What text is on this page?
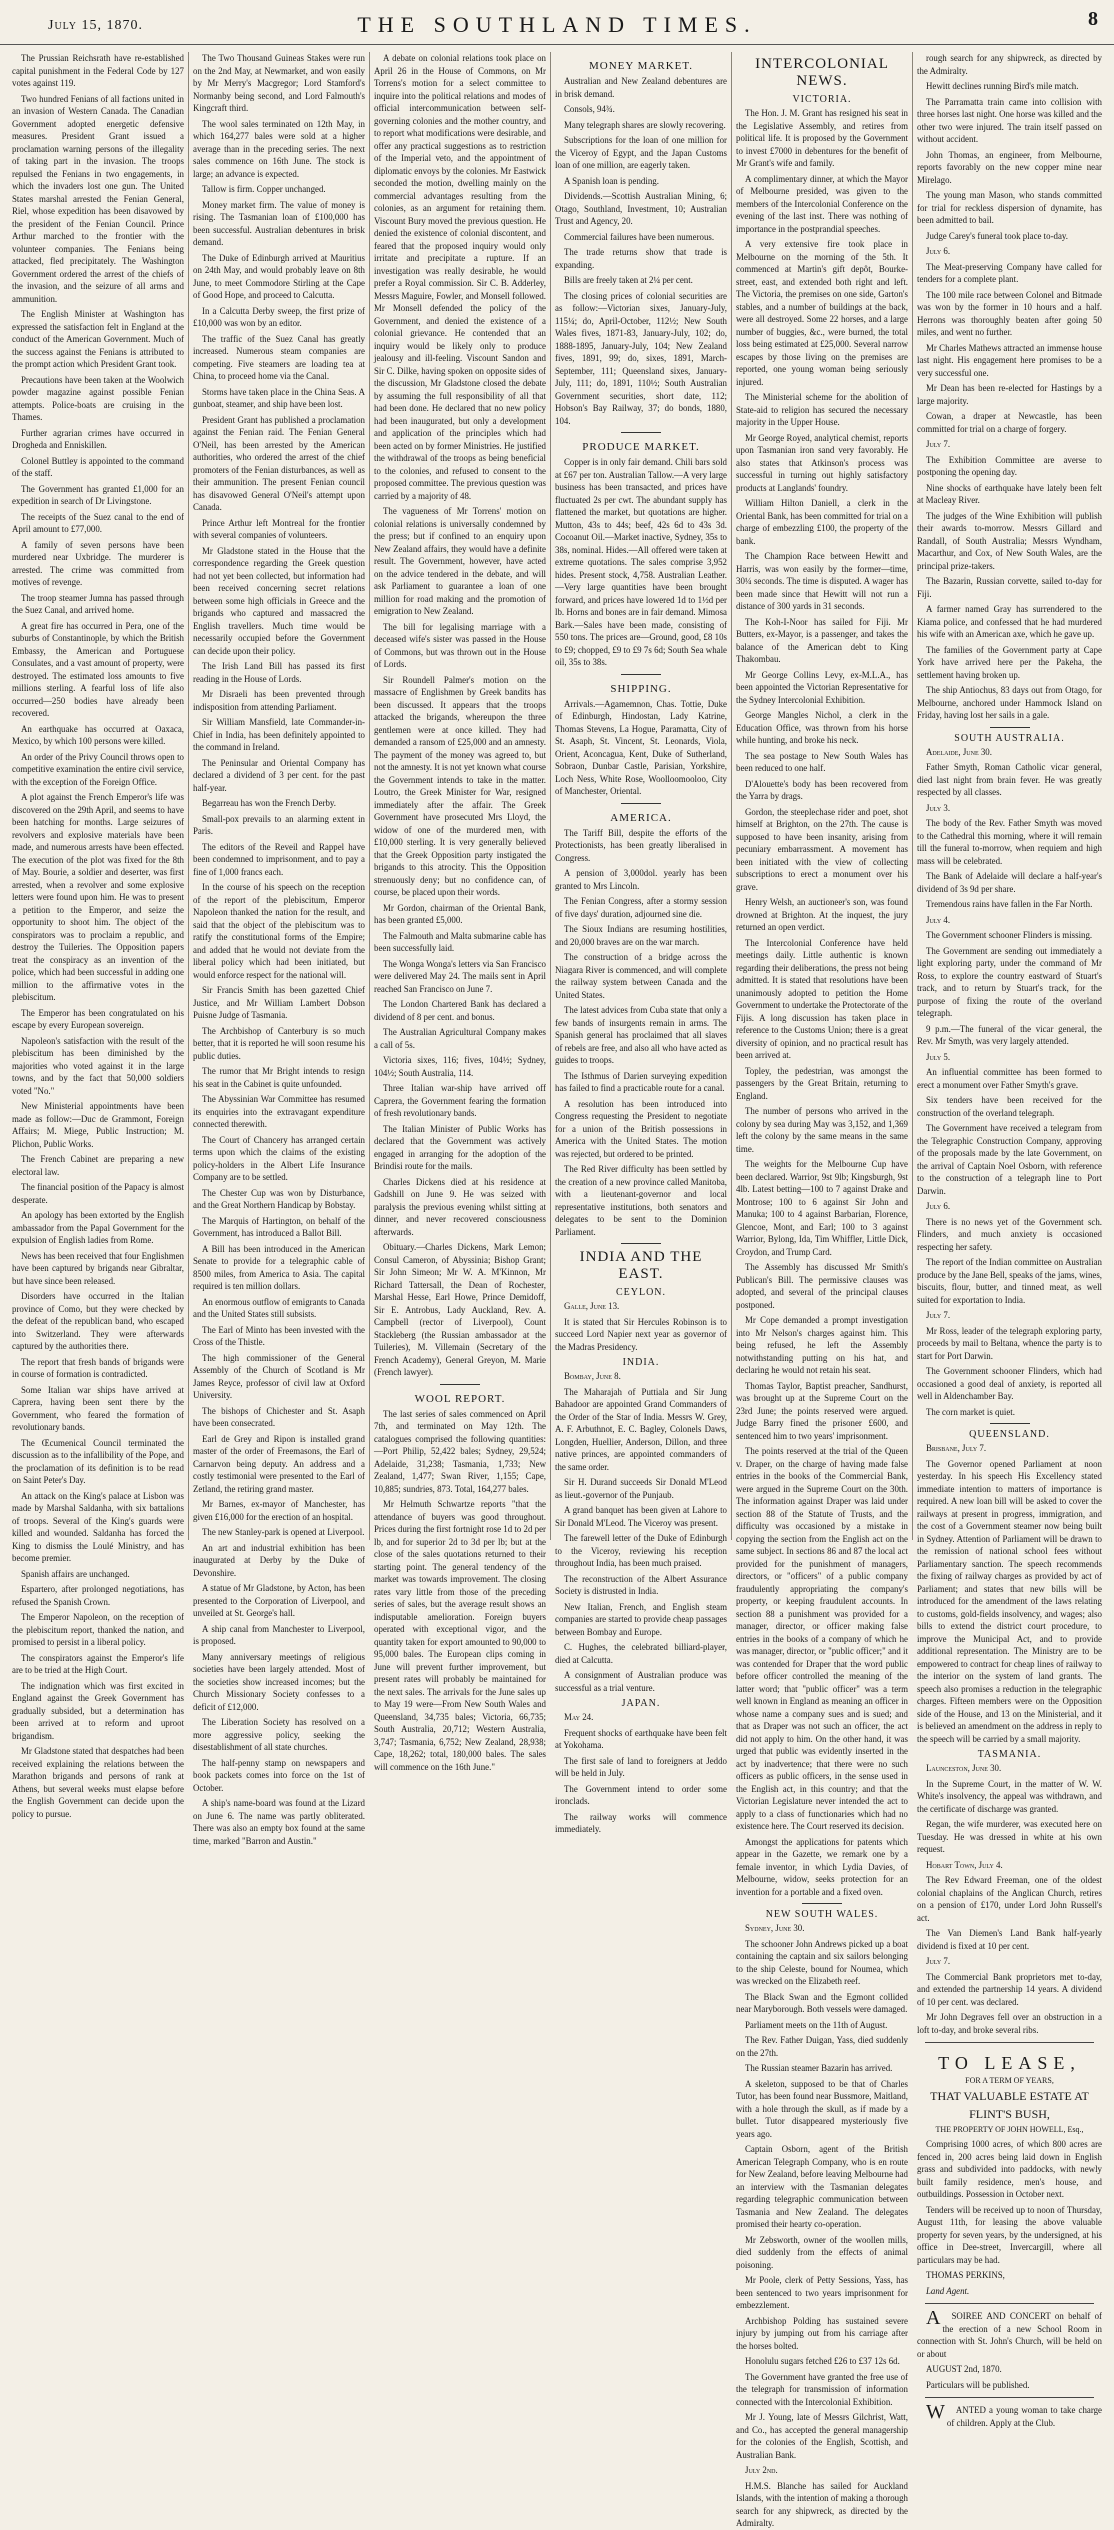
July 15, 1870.	THE SOUTHLAND TIMES.	8

The Prussian Reichsrath have re-established capital punishment in the Federal Code by 127 votes against 119.

Two hundred Fenians of all factions united in an invasion of Western Canada. The Canadian Government adopted energetic defensive measures. President Grant issued a proclamation warning persons of the illegality of taking part in the invasion. The troops repulsed the Fenians in two engagements, in which the invaders lost one gun. The United States marshal arrested the Fenian General, Riel, whose expedition has been disavowed by the president of the Fenian Council. Prince Arthur marched to the frontier with the volunteer companies. The Fenians being attacked, fled precipitately. The Washington Government ordered the arrest of the chiefs of the invasion, and the seizure of all arms and ammunition.

The English Minister at Washington has expressed the satisfaction felt in England at the conduct of the American Government. Much of the success against the Fenians is attributed to the prompt action which President Grant took.

Precautions have been taken at the Woolwich powder magazine against possible Fenian attempts. Police-boats are cruising in the Thames.

Further agrarian crimes have occurred in Drogheda and Enniskillen.

Colonel Buttley is appointed to the command of the staff.

The Government has granted £1,000 for an expedition in search of Dr Livingstone.

The receipts of the Suez canal to the end of April amount to £77,000.

A family of seven persons have been murdered near Uxbridge. The murderer is arrested. The crime was committed from motives of revenge.

The troop steamer Jumna has passed through the Suez Canal, and arrived home.

A great fire has occurred in Pera, one of the suburbs of Constantinople, by which the British Embassy, the American and Portuguese Consulates, and a vast amount of property, were destroyed. The estimated loss amounts to five millions sterling. A fearful loss of life also occurred—250 bodies have already been recovered.

An earthquake has occurred at Oaxaca, Mexico, by which 100 persons were killed.

An order of the Privy Council throws open to competitive examination the entire civil service, with the exception of the Foreign Office.

A plot against the French Emperor's life was discovered on the 29th April, and seems to have been hatching for months. Large seizures of revolvers and explosive materials have been made, and numerous arrests have been effected. The execution of the plot was fixed for the 8th of May. Bourie, a soldier and deserter, was first arrested, when a revolver and some explosive letters were found upon him. He was to present a petition to the Emperor, and seize the opportunity to shoot him. The object of the conspirators was to proclaim a republic, and destroy the Tuileries. The Opposition papers treat the conspiracy as an invention of the police, which had been successful in adding one million to the affirmative votes in the plebiscitum.

The Emperor has been congratulated on his escape by every European sovereign.

Napoleon's satisfaction with the result of the plebiscitum has been diminished by the majorities who voted against it in the large towns, and by the fact that 50,000 soldiers voted "No."

New Ministerial appointments have been made as follow:—Duc de Grammont, Foreign Affairs; M. Miege, Public Instruction; M. Plichon, Public Works.

The French Cabinet are preparing a new electoral law.

The financial position of the Papacy is almost desperate.

An apology has been extorted by the English ambassador from the Papal Government for the expulsion of English ladies from Rome.

News has been received that four Englishmen have been captured by brigands near Gibraltar, but have since been released.

Disorders have occurred in the Italian province of Como, but they were checked by the defeat of the republican band, who escaped into Switzerland. They were afterwards captured by the authorities there.

The report that fresh bands of brigands were in course of formation is contradicted.

Some Italian war ships have arrived at Caprera, having been sent there by the Government, who feared the formation of revolutionary bands.

The Œcumenical Council terminated the discussion as to the infallibility of the Pope, and the proclamation of its definition is to be read on Saint Peter's Day.

An attack on the King's palace at Lisbon was made by Marshal Saldanha, with six battalions of troops. Several of the King's guards were killed and wounded. Saldanha has forced the King to dismiss the Loulé Ministry, and has become premier.

Spanish affairs are unchanged.

Espartero, after prolonged negotiations, has refused the Spanish Crown.

The Emperor Napoleon, on the reception of the plebiscitum report, thanked the nation, and promised to persist in a liberal policy.

The conspirators against the Emperor's life are to be tried at the High Court.

The indignation which was first excited in England against the Greek Government has gradually subsided, but a determination has been arrived at to reform and uproot brigandism.

Mr Gladstone stated that despatches had been received explaining the relations between the Marathon brigands and persons of rank at Athens, but several weeks must elapse before the English Government can decide upon the policy to pursue.

The Two Thousand Guineas Stakes were run on the 2nd May, at Newmarket, and won easily by Mr Merry's Macgregor; Lord Stamford's Normanby being second, and Lord Falmouth's Kingcraft third.

The wool sales terminated on 12th May, in which 164,277 bales were sold at a higher average than in the preceding series. The next sales commence on 16th June. The stock is large; an advance is expected.

Tallow is firm. Copper unchanged.

Money market firm. The value of money is rising. The Tasmanian loan of £100,000 has been successful. Australian debentures in brisk demand.

The Duke of Edinburgh arrived at Mauritius on 24th May, and would probably leave on 8th June, to meet Commodore Stirling at the Cape of Good Hope, and proceed to Calcutta.

In a Calcutta Derby sweep, the first prize of £10,000 was won by an editor.

The traffic of the Suez Canal has greatly increased. Numerous steam companies are competing. Five steamers are loading tea at China, to proceed home via the Canal.

Storms have taken place in the China Seas. A gunboat, steamer, and ship have been lost.

President Grant has published a proclamation against the Fenian raid. The Fenian General O'Neil, has been arrested by the American authorities, who ordered the arrest of the chief promoters of the Fenian disturbances, as well as their ammunition. The present Fenian council has disavowed General O'Neil's attempt upon Canada.

Prince Arthur left Montreal for the frontier with several companies of volunteers.

Mr Gladstone stated in the House that the correspondence regarding the Greek question had not yet been collected, but information had been received concerning secret relations between some high officials in Greece and the brigands who captured and massacred the English travellers. Much time would be necessarily occupied before the Government can decide upon their policy.

The Irish Land Bill has passed its first reading in the House of Lords.

Mr Disraeli has been prevented through indisposition from attending Parliament.

Sir William Mansfield, late Commander-in-Chief in India, has been definitely appointed to the command in Ireland.

The Peninsular and Oriental Company has declared a dividend of 3 per cent. for the past half-year.

Begarreau has won the French Derby.

Small-pox prevails to an alarming extent in Paris.

The editors of the Reveil and Rappel have been condemned to imprisonment, and to pay a fine of 1,000 francs each.

In the course of his speech on the reception of the report of the plebiscitum, Emperor Napoleon thanked the nation for the result, and said that the object of the plebiscitum was to ratify the constitutional forms of the Empire; and added that he would not deviate from the liberal policy which had been initiated, but would enforce respect for the national will.

Sir Francis Smith has been gazetted Chief Justice, and Mr William Lambert Dobson Puisne Judge of Tasmania.

The Archbishop of Canterbury is so much better, that it is reported he will soon resume his public duties.

The rumor that Mr Bright intends to resign his seat in the Cabinet is quite unfounded.

The Abyssinian War Committee has resumed its enquiries into the extravagant expenditure connected therewith.

The Court of Chancery has arranged certain terms upon which the claims of the existing policy-holders in the Albert Life Insurance Company are to be settled.

The Chester Cup was won by Disturbance, and the Great Northern Handicap by Bobstay.

The Marquis of Hartington, on behalf of the Government, has introduced a Ballot Bill.

A Bill has been introduced in the American Senate to provide for a telegraphic cable of 8500 miles, from America to Asia. The capital required is ten million dollars.

An enormous outflow of emigrants to Canada and the United States still subsists.

The Earl of Minto has been invested with the Cross of the Thistle.

The high commissioner of the General Assembly of the Church of Scotland is Mr James Reyce, professor of civil law at Oxford University.

The bishops of Chichester and St. Asaph have been consecrated.

Earl de Grey and Ripon is installed grand master of the order of Freemasons, the Earl of Carnarvon being deputy. An address and a costly testimonial were presented to the Earl of Zetland, the retiring grand master.

Mr Barnes, ex-mayor of Manchester, has given £16,000 for the erection of an hospital.

The new Stanley-park is opened at Liverpool.

An art and industrial exhibition has been inaugurated at Derby by the Duke of Devonshire.

A statue of Mr Gladstone, by Acton, has been presented to the Corporation of Liverpool, and unveiled at St. George's hall.

A ship canal from Manchester to Liverpool, is proposed.

Many anniversary meetings of religious societies have been largely attended. Most of the societies show increased incomes; but the Church Missionary Society confesses to a deficit of £12,000.

The Liberation Society has resolved on a more aggressive policy, seeking the disestablishment of all state churches.

The half-penny stamp on newspapers and book packets comes into force on the 1st of October.

A ship's name-board was found at the Lizard on June 6. The name was partly obliterated. There was also an empty box found at the same time, marked "Barron and Austin."

A debate on colonial relations took place on April 26 in the House of Commons, on Mr Torrens's motion for a select committee to inquire into the political relations and modes of official intercommunication between self-governing colonies and the mother country, and to report what modifications were desirable, and offer any practical suggestions as to restriction of the Imperial veto, and the appointment of diplomatic envoys by the colonies. Mr Eastwick seconded the motion, dwelling mainly on the commercial advantages resulting from the colonies, as an argument for retaining them. Viscount Bury moved the previous question. He denied the existence of colonial discontent, and feared that the proposed inquiry would only irritate and precipitate a rupture. If an investigation was really desirable, he would prefer a Royal commission. Sir C. B. Adderley, Messrs Maguire, Fowler, and Monsell followed. Mr Monsell defended the policy of the Government, and denied the existence of a colonial grievance. He contended that an inquiry would be likely only to produce jealousy and ill-feeling. Viscount Sandon and Sir C. Dilke, having spoken on opposite sides of the discussion, Mr Gladstone closed the debate by assuming the full responsibility of all that had been done. He declared that no new policy had been inaugurated, but only a development and application of the principles which had been acted on by former Ministries. He justified the withdrawal of the troops as being beneficial to the colonies, and refused to consent to the proposed committee. The previous question was carried by a majority of 48.

The vagueness of Mr Torrens' motion on colonial relations is universally condemned by the press; but if confined to an enquiry upon New Zealand affairs, they would have a definite result. The Government, however, have acted on the advice tendered in the debate, and will ask Parliament to guarantee a loan of one million for road making and the promotion of emigration to New Zealand.

The bill for legalising marriage with a deceased wife's sister was passed in the House of Commons, but was thrown out in the House of Lords.

Sir Roundell Palmer's motion on the massacre of Englishmen by Greek bandits has been discussed. It appears that the troops attacked the brigands, whereupon the three gentlemen were at once killed. They had demanded a ransom of £25,000 and an amnesty. The payment of the money was agreed to, but not the amnesty. It is not yet known what course the Government intends to take in the matter. Loutro, the Greek Minister for War, resigned immediately after the affair. The Greek Government have prosecuted Mrs Lloyd, the widow of one of the murdered men, with £10,000 sterling. It is very generally believed that the Greek Opposition party instigated the brigands to this atrocity. This the Opposition strenuously deny; but no confidence can, of course, be placed upon their words.

Mr Gordon, chairman of the Oriental Bank, has been granted £5,000.

The Falmouth and Malta submarine cable has been successfully laid.

The Wonga Wonga's letters via San Francisco were delivered May 24. The mails sent in April reached San Francisco on June 7.

The London Chartered Bank has declared a dividend of 8 per cent. and bonus.

The Australian Agricultural Company makes a call of 5s.

Victoria sixes, 116; fives, 104½; Sydney, 104½; South Australia, 114.

Three Italian war-ship have arrived off Caprera, the Government fearing the formation of fresh revolutionary bands.

The Italian Minister of Public Works has declared that the Government was actively engaged in arranging for the adoption of the Brindisi route for the mails.

Charles Dickens died at his residence at Gadshill on June 9. He was seized with paralysis the previous evening whilst sitting at dinner, and never recovered consciousness afterwards.

Obituary.—Charles Dickens, Mark Lemon; Consul Cameron, of Abyssinia; Bishop Grant; Sir John Simeon; Mr W. A. M'Kinnon, Mr Richard Tattersall, the Dean of Rochester, Marshal Hesse, Earl Howe, Prince Demidoff, Sir E. Antrobus, Lady Auckland, Rev. A. Campbell (rector of Liverpool), Count Stackleberg (the Russian ambassador at the Tuileries), M. Villemain (Secretary of the French Academy), General Greyon, M. Marie (French lawyer).

WOOL REPORT.

The last series of sales commenced on April 7th, and terminated on May 12th. The catalogues comprised the following quantities:—Port Philip, 52,422 bales; Sydney, 29,524; Adelaide, 31,238; Tasmania, 1,733; New Zealand, 1,477; Swan River, 1,155; Cape, 10,885; sundries, 873. Total, 164,277 bales.

Mr Helmuth Schwartze reports "that the attendance of buyers was good throughout. Prices during the first fortnight rose 1d to 2d per lb, and for superior 2d to 3d per lb; but at the close of the sales quotations returned to their starting point. The general tendency of the market was towards improvement. The closing rates vary little from those of the preceding series of sales, but the average result shows an indisputable amelioration. Foreign buyers operated with exceptional vigor, and the quantity taken for export amounted to 90,000 to 95,000 bales. The European clips coming in June will prevent further improvement, but present rates will probably be maintained for the next sales. The arrivals for the June sales up to May 19 were—From New South Wales and Queensland, 34,735 bales; Victoria, 66,735; South Australia, 20,712; Western Australia, 3,747; Tasmania, 6,752; New Zealand, 28,938; Cape, 18,262; total, 180,000 bales. The sales will commence on the 16th June."

MONEY MARKET.

Australian and New Zealand debentures are in brisk demand.

Consols, 94¾.

Many telegraph shares are slowly recovering.

Subscriptions for the loan of one million for the Viceroy of Egypt, and the Japan Customs loan of one million, are eagerly taken.

A Spanish loan is pending.

Dividends.—Scottish Australian Mining, 6; Otago, Southland, Investment, 10; Australian Trust and Agency, 20.

Commercial failures have been numerous.

The trade returns show that trade is expanding.

Bills are freely taken at 2¼ per cent.

The closing prices of colonial securities are as follow:—Victorian sixes, January-July, 115¼; do, April-October, 112½; New South Wales fives, 1871-83, January-July, 102; do, 1888-1895, January-July, 104; New Zealand fives, 1891, 99; do, sixes, 1891, March-September, 111; Queensland sixes, January-July, 111; do, 1891, 110½; South Australian Government securities, short date, 112; Hobson's Bay Railway, 37; do bonds, 1880, 104.

PRODUCE MARKET.

Copper is in only fair demand. Chili bars sold at £67 per ton. Australian Tallow.—A very large business has been transacted, and prices have fluctuated 2s per cwt. The abundant supply has flattened the market, but quotations are higher. Mutton, 43s to 44s; beef, 42s 6d to 43s 3d. Cocoanut Oil.—Market inactive, Sydney, 35s to 38s, nominal. Hides.—All offered were taken at extreme quotations. The sales comprise 3,952 hides. Present stock, 4,758. Australian Leather.—Very large quantities have been brought forward, and prices have lowered 1d to 1½d per lb. Horns and bones are in fair demand. Mimosa Bark.—Sales have been made, consisting of 550 tons. The prices are—Ground, good, £8 10s to £9; chopped, £9 to £9 7s 6d; South Sea whale oil, 35s to 38s.

SHIPPING.

Arrivals.—Agamemnon, Chas. Tottie, Duke of Edinburgh, Hindostan, Lady Katrine, Thomas Stevens, La Hogue, Paramatta, City of St. Asaph, St. Vincent, St. Leonards, Viola, Orient, Aconcagua, Kent, Duke of Sutherland, Sobraon, Dunbar Castle, Parisian, Yorkshire, Loch Ness, White Rose, Woolloomooloo, City of Manchester, Oriental.

AMERICA.

The Tariff Bill, despite the efforts of the Protectionists, has been greatly liberalised in Congress.

A pension of 3,000dol. yearly has been granted to Mrs Lincoln.

The Fenian Congress, after a stormy session of five days' duration, adjourned sine die.

The Sioux Indians are resuming hostilities, and 20,000 braves are on the war march.

The construction of a bridge across the Niagara River is commenced, and will complete the railway system between Canada and the United States.

The latest advices from Cuba state that only a few bands of insurgents remain in arms. The Spanish general has proclaimed that all slaves of rebels are free, and also all who have acted as guides to troops.

The Isthmus of Darien surveying expedition has failed to find a practicable route for a canal.

A resolution has been introduced into Congress requesting the President to negotiate for a union of the British possessions in America with the United States. The motion was rejected, but ordered to be printed.

The Red River difficulty has been settled by the creation of a new province called Manitoba, with a lieutenant-governor and local representative institutions, both senators and delegates to be sent to the Dominion Parliament.

INDIA AND THE EAST.
CEYLON.

Galle, June 13.

It is stated that Sir Hercules Robinson is to succeed Lord Napier next year as governor of the Madras Presidency.

INDIA.

Bombay, June 8.

The Maharajah of Puttiala and Sir Jung Bahadoor are appointed Grand Commanders of the Order of the Star of India. Messrs W. Grey, A. F. Arbuthnot, E. C. Bagley, Colonels Daws, Longden, Huellier, Anderson, Dillon, and three native princes, are appointed commanders of the same order.

Sir H. Durand succeeds Sir Donald M'Leod as lieut.-governor of the Punjaub.

A grand banquet has been given at Lahore to Sir Donald M'Leod. The Viceroy was present.

The farewell letter of the Duke of Edinburgh to the Viceroy, reviewing his reception throughout India, has been much praised.

The reconstruction of the Albert Assurance Society is distrusted in India.

New Italian, French, and English steam companies are started to provide cheap passages between Bombay and Europe.

C. Hughes, the celebrated billiard-player, died at Calcutta.

A consignment of Australian produce was successful as a trial venture.

JAPAN.

May 24.

Frequent shocks of earthquake have been felt at Yokohama.

The first sale of land to foreigners at Jeddo will be held in July.

The Government intend to order some ironclads.

The railway works will commence immediately.

INTERCOLONIAL NEWS.
VICTORIA.

The Hon. J. M. Grant has resigned his seat in the Legislative Assembly, and retires from political life. It is proposed by the Government to invest £7000 in debentures for the benefit of Mr Grant's wife and family.

A complimentary dinner, at which the Mayor of Melbourne presided, was given to the members of the Intercolonial Conference on the evening of the last inst. There was nothing of importance in the postprandial speeches.

A very extensive fire took place in Melbourne on the morning of the 5th. It commenced at Martin's gift depôt, Bourke-street, east, and extended both right and left. The Victoria, the premises on one side, Garton's stables, and a number of buildings at the back, were all destroyed. Some 22 horses, and a large number of buggies, &c., were burned, the total loss being estimated at £25,000. Several narrow escapes by those living on the premises are reported, one young woman being seriously injured.

The Ministerial scheme for the abolition of State-aid to religion has secured the necessary majority in the Upper House.

Mr George Royed, analytical chemist, reports upon Tasmanian iron sand very favorably. He also states that Atkinson's process was successful in turning out highly satisfactory products at Langlands' foundry.

William Hilton Daniell, a clerk in the Oriental Bank, has been committed for trial on a charge of embezzling £100, the property of the bank.

The Champion Race between Hewitt and Harris, was won easily by the former—time, 30¼ seconds. The time is disputed. A wager has been made since that Hewitt will not run a distance of 300 yards in 31 seconds.

The Koh-I-Noor has sailed for Fiji. Mr Butters, ex-Mayor, is a passenger, and takes the balance of the American debt to King Thakombau.

Mr George Collins Levy, ex-M.L.A., has been appointed the Victorian Representative for the Sydney Intercolonial Exhibition.

George Mangles Nichol, a clerk in the Education Office, was thrown from his horse while hunting, and broke his neck.

The sea postage to New South Wales has been reduced to one half.

D'Alouette's body has been recovered from the Yarra by drags.

Gordon, the steeplechase rider and poet, shot himself at Brighton, on the 27th. The cause is supposed to have been insanity, arising from pecuniary embarrassment. A movement has been initiated with the view of collecting subscriptions to erect a monument over his grave.

Henry Welsh, an auctioneer's son, was found drowned at Brighton. At the inquest, the jury returned an open verdict.

The Intercolonial Conference have held meetings daily. Little authentic is known regarding their deliberations, the press not being admitted. It is stated that resolutions have been unanimously adopted to petition the Home Government to undertake the Protectorate of the Fijis. A long discussion has taken place in reference to the Customs Union; there is a great diversity of opinion, and no practical result has been arrived at.

Topley, the pedestrian, was amongst the passengers by the Great Britain, returning to England.

The number of persons who arrived in the colony by sea during May was 3,152, and 1,369 left the colony by the same means in the same time.

The weights for the Melbourne Cup have been declared. Warrior, 9st 9lb; Kingsburgh, 9st 4lb. Latest betting—100 to 7 against Drake and Montrose; 100 to 6 against Sir John and Manuka; 100 to 4 against Barbarian, Florence, Glencoe, Mont, and Earl; 100 to 3 against Warrior, Bylong, Ida, Tim Whiffler, Little Dick, Croydon, and Trump Card.

The Assembly has discussed Mr Smith's Publican's Bill. The permissive clauses was adopted, and several of the principal clauses postponed.

Mr Cope demanded a prompt investigation into Mr Nelson's charges against him. This being refused, he left the Assembly notwithstanding putting on his hat, and declaring he would not retain his seat.

Thomas Taylor, Baptist preacher, Sandhurst, was brought up at the Supreme Court on the 23rd June; the points reserved were argued. Judge Barry fined the prisoner £600, and sentenced him to two years' imprisonment.

The points reserved at the trial of the Queen v. Draper, on the charge of having made false entries in the books of the Commercial Bank, were argued in the Supreme Court on the 30th. The information against Draper was laid under section 88 of the Statute of Trusts, and the difficulty was occasioned by a mistake in copying the section from the English act on the same subject. In sections 86 and 87 the local act provided for the punishment of managers, directors, or "officers" of a public company fraudulently appropriating the company's property, or keeping fraudulent accounts. In section 88 a punishment was provided for a manager, director, or officer making false entries in the books of a company of which he was manager, director, or "public officer;" and it was contended for Draper that the word public before officer controlled the meaning of the latter word; that "public officer" was a term well known in England as meaning an officer in whose name a company sues and is sued; and that as Draper was not such an officer, the act did not apply to him. On the other hand, it was urged that public was evidently inserted in the act by inadvertence; that there were no such officers as public officers, in the sense used in the English act, in this country; and that the Victorian Legislature never intended the act to apply to a class of functionaries which had no existence here. The Court reserved its decision.

Amongst the applications for patents which appear in the Gazette, we remark one by a female inventor, in which Lydia Davies, of Melbourne, widow, seeks protection for an invention for a portable and a fixed oven.

NEW SOUTH WALES.

Sydney, June 30.

The schooner John Andrews picked up a boat containing the captain and six sailors belonging to the ship Celeste, bound for Noumea, which was wrecked on the Elizabeth reef.

The Black Swan and the Egmont collided near Maryborough. Both vessels were damaged.

Parliament meets on the 11th of August.

The Rev. Father Duigan, Yass, died suddenly on the 27th.

The Russian steamer Bazarin has arrived.

A skeleton, supposed to be that of Charles Tutor, has been found near Bussmore, Maitland, with a hole through the skull, as if made by a bullet. Tutor disappeared mysteriously five years ago.

Captain Osborn, agent of the British American Telegraph Company, who is en route for New Zealand, before leaving Melbourne had an interview with the Tasmanian delegates regarding telegraphic communication between Tasmania and New Zealand. The delegates promised their hearty co-operation.

Mr Zebsworth, owner of the woollen mills, died suddenly from the effects of animal poisoning.

Mr Poole, clerk of Petty Sessions, Yass, has been sentenced to two years imprisonment for embezzlement.

Archbishop Polding has sustained severe injury by jumping out from his carriage after the horses bolted.

Honolulu sugars fetched £26 to £37 12s 6d.

The Government have granted the free use of the telegraph for transmission of information connected with the Intercolonial Exhibition.

Mr J. Young, late of Messrs Gilchrist, Watt, and Co., has accepted the general managership for the colonies of the English, Scottish, and Australian Bank.

July 2nd.

H.M.S. Blanche has sailed for Auckland Islands, with the intention of making a thorough search for any shipwreck, as directed by the Admiralty.

rough search for any shipwreck, as directed by the Admiralty.

Hewitt declines running Bird's mile match.

The Parramatta train came into collision with three horses last night. One horse was killed and the other two were injured. The train itself passed on without accident.

John Thomas, an engineer, from Melbourne, reports favorably on the new copper mine near Mirelago.

The young man Mason, who stands committed for trial for reckless dispersion of dynamite, has been admitted to bail.

Judge Carey's funeral took place to-day.

July 6.

The Meat-preserving Company have called for tenders for a complete plant.

The 100 mile race between Colonel and Bitmade was won by the former in 10 hours and a half. Herrons was thoroughly beaten after going 50 miles, and went no further.

Mr Charles Mathews attracted an immense house last night. His engagement here promises to be a very successful one.

Mr Dean has been re-elected for Hastings by a large majority.

Cowan, a draper at Newcastle, has been committed for trial on a charge of forgery.

July 7.

The Exhibition Committee are averse to postponing the opening day.

Nine shocks of earthquake have lately been felt at Macleay River.

The judges of the Wine Exhibition will publish their awards to-morrow. Messrs Gillard and Randall, of South Australia; Messrs Wyndham, Macarthur, and Cox, of New South Wales, are the principal prize-takers.

The Bazarin, Russian corvette, sailed to-day for Fiji.

A farmer named Gray has surrendered to the Kiama police, and confessed that he had murdered his wife with an American axe, which he gave up.

The families of the Government party at Cape York have arrived here per the Pakeha, the settlement having broken up.

The ship Antiochus, 83 days out from Otago, for Melbourne, anchored under Hammock Island on Friday, having lost her sails in a gale.

SOUTH AUSTRALIA.

Adelaide, June 30.

Father Smyth, Roman Catholic vicar general, died last night from brain fever. He was greatly respected by all classes.

July 3.

The body of the Rev. Father Smyth was moved to the Cathedral this morning, where it will remain till the funeral to-morrow, when requiem and high mass will be celebrated.

The Bank of Adelaide will declare a half-year's dividend of 3s 9d per share.

Tremendous rains have fallen in the Far North.

July 4.

The Government schooner Flinders is missing.

The Government are sending out immediately a light exploring party, under the command of Mr Ross, to explore the country eastward of Stuart's track, and to return by Stuart's track, for the purpose of fixing the route of the overland telegraph.

9 p.m.—The funeral of the vicar general, the Rev. Mr Smyth, was very largely attended.

July 5.

An influential committee has been formed to erect a monument over Father Smyth's grave.

Six tenders have been received for the construction of the overland telegraph.

The Government have received a telegram from the Telegraphic Construction Company, approving of the proposals made by the late Government, on the arrival of Captain Noel Osborn, with reference to the construction of a telegraph line to Port Darwin.

July 6.

There is no news yet of the Government sch. Flinders, and much anxiety is occasioned respecting her safety.

The report of the Indian committee on Australian produce by the Jane Bell, speaks of the jams, wines, biscuits, flour, butter, and tinned meat, as well suited for exportation to India.

July 7.

Mr Ross, leader of the telegraph exploring party, proceeds by mail to Beltana, whence the party is to start for Port Darwin.

The Government schooner Flinders, which had occasioned a good deal of anxiety, is reported all well in Aldenchamber Bay.

The corn market is quiet.

QUEENSLAND.

Brisbane, July 7.

The Governor opened Parliament at noon yesterday. In his speech His Excellency stated immediate intention to matters of importance is required. A new loan bill will be asked to cover the railways at present in progress, immigration, and the cost of a Government steamer now being built in Sydney. Attention of Parliament will be drawn to the remission of national school fees without Parliamentary sanction. The speech recommends the fixing of railway charges as provided by act of Parliament; and states that new bills will be introduced for the amendment of the laws relating to customs, gold-fields insolvency, and wages; also bills to extend the district court procedure, to improve the Municipal Act, and to provide additional representation. The Ministry are to be empowered to contract for cheap lines of railway to the interior on the system of land grants. The speech also promises a reduction in the telegraphic charges. Fifteen members were on the Opposition side of the House, and 13 on the Ministerial, and it is believed an amendment on the address in reply to the speech will be carried by a small majority.

TASMANIA.

Launceston, June 30.

In the Supreme Court, in the matter of W. W. White's insolvency, the appeal was withdrawn, and the certificate of discharge was granted.

Regan, the wife murderer, was executed here on Tuesday. He was dressed in white at his own request.

Hobart Town, July 4.

The Rev Edward Freeman, one of the oldest colonial chaplains of the Anglican Church, retires on a pension of £170, under Lord John Russell's act.

The Van Diemen's Land Bank half-yearly dividend is fixed at 10 per cent.

July 7.

The Commercial Bank proprietors met to-day, and extended the partnership 14 years. A dividend of 10 per cent. was declared.

Mr John Degraves fell over an obstruction in a loft to-day, and broke several ribs.

TO LEASE,
FOR A TERM OF YEARS,
THAT VALUABLE ESTATE AT
FLINT'S BUSH,
THE PROPERTY OF JOHN HOWELL, Esq.,

Comprising 1000 acres, of which 800 acres are fenced in, 200 acres being laid down in English grass and subdivided into paddocks, with newly built family residence, men's house, and outbuildings. Possession in October next.

Tenders will be received up to noon of Thursday, August 11th, for leasing the above valuable property for seven years, by the undersigned, at his office in Dee-street, Invercargill, where all particulars may be had.

THOMAS PERKINS,

Land Agent.

ASOIREE AND CONCERT on behalf of the erection of a new School Room in connection with St. John's Church, will be held on or about

AUGUST 2nd, 1870.

Particulars will be published.

WANTED a young woman to take charge of children. Apply at the Club.
